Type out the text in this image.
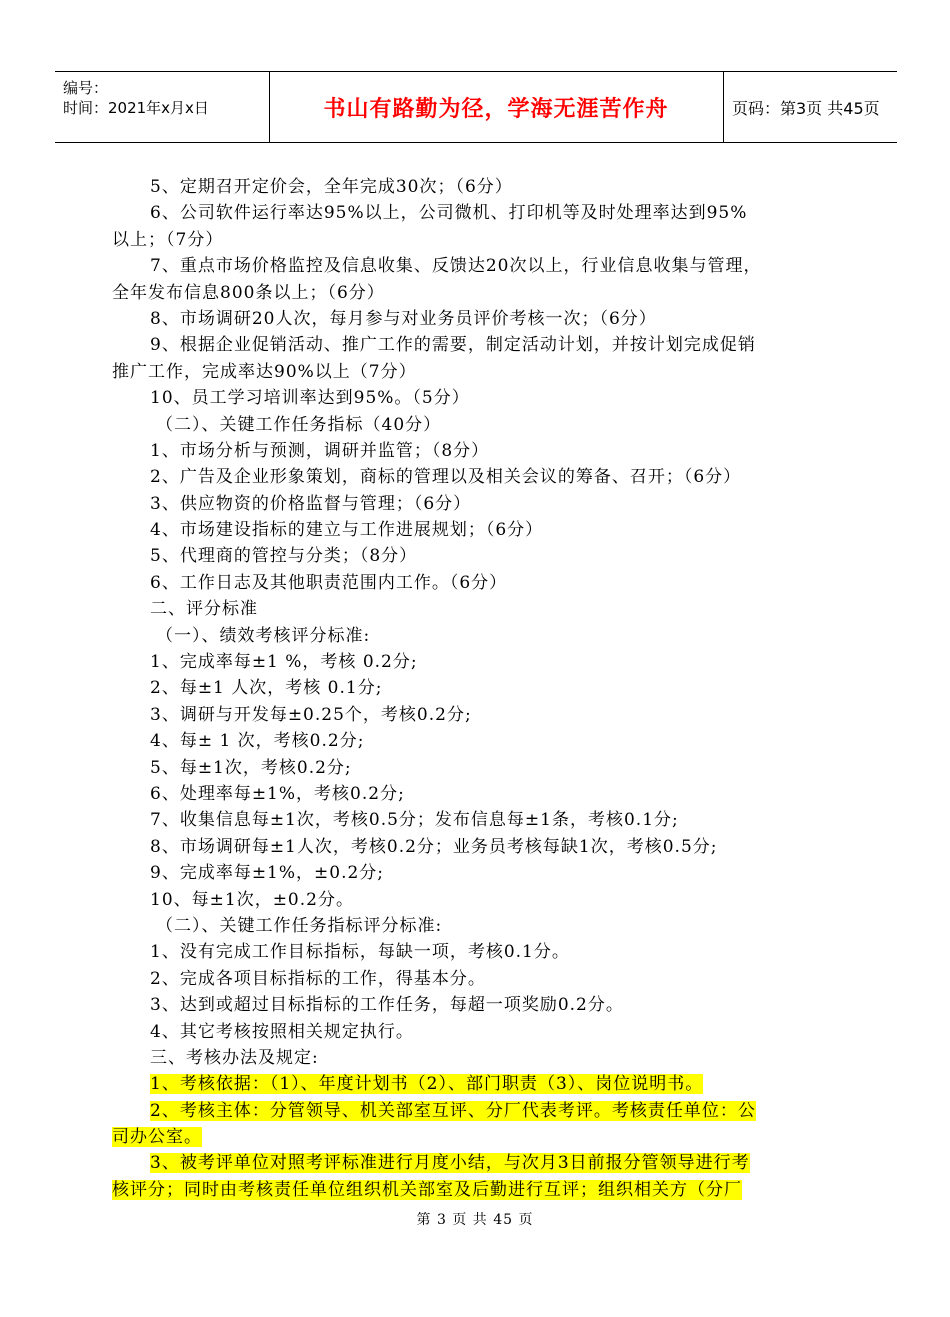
编号：
时间：2021年x月x日	书山有路勤为径，学海无涯苦作舟	页码：第3页 共45页
5、定期召开定价会，全年完成30次；（6分）
6、公司软件运行率达95%以上，公司微机、打印机等及时处理率达到95%
以上；（7分）
7、重点市场价格监控及信息收集、反馈达20次以上，行业信息收集与管理，
全年发布信息800条以上；（6分）
8、市场调研20人次，每月参与对业务员评价考核一次；（6分）
9、根据企业促销活动、推广工作的需要，制定活动计划，并按计划完成促销
推广工作，完成率达90%以上（7分）
10、员工学习培训率达到95%。（5分）
（二）、关键工作任务指标（40分）
1、市场分析与预测，调研并监管；（8分）
2、广告及企业形象策划，商标的管理以及相关会议的筹备、召开；（6分）
3、供应物资的价格监督与管理；（6分）
4、市场建设指标的建立与工作进展规划；（6分）
5、代理商的管控与分类；（8分）
6、工作日志及其他职责范围内工作。（6分）
二、评分标准
（一）、绩效考核评分标准:
1、完成率每±1 %，考核 0.2分;
2、每±1 人次，考核 0.1分;
3、调研与开发每±0.25个，考核0.2分;
4、每± 1 次，考核0.2分;
5、每±1次，考核0.2分;
6、处理率每±1%，考核0.2分;
7、收集信息每±1次，考核0.5分；发布信息每±1条，考核0.1分;
8、市场调研每±1人次，考核0.2分；业务员考核每缺1次，考核0.5分;
9、完成率每±1%，±0.2分;
10、每±1次，±0.2分。
（二）、关键工作任务指标评分标准:
1、没有完成工作目标指标，每缺一项，考核0.1分。
2、完成各项目标指标的工作，得基本分。
3、达到或超过目标指标的工作任务，每超一项奖励0.2分。
4、其它考核按照相关规定执行。
三、考核办法及规定:
1、考核依据：（1）、年度计划书（2）、部门职责（3）、岗位说明书。
2、考核主体：分管领导、机关部室互评、分厂代表考评。考核责任单位：公
司办公室。
3、被考评单位对照考评标准进行月度小结，与次月3日前报分管领导进行考
核评分；同时由考核责任单位组织机关部室及后勤进行互评；组织相关方（分厂
第 3 页 共 45 页
